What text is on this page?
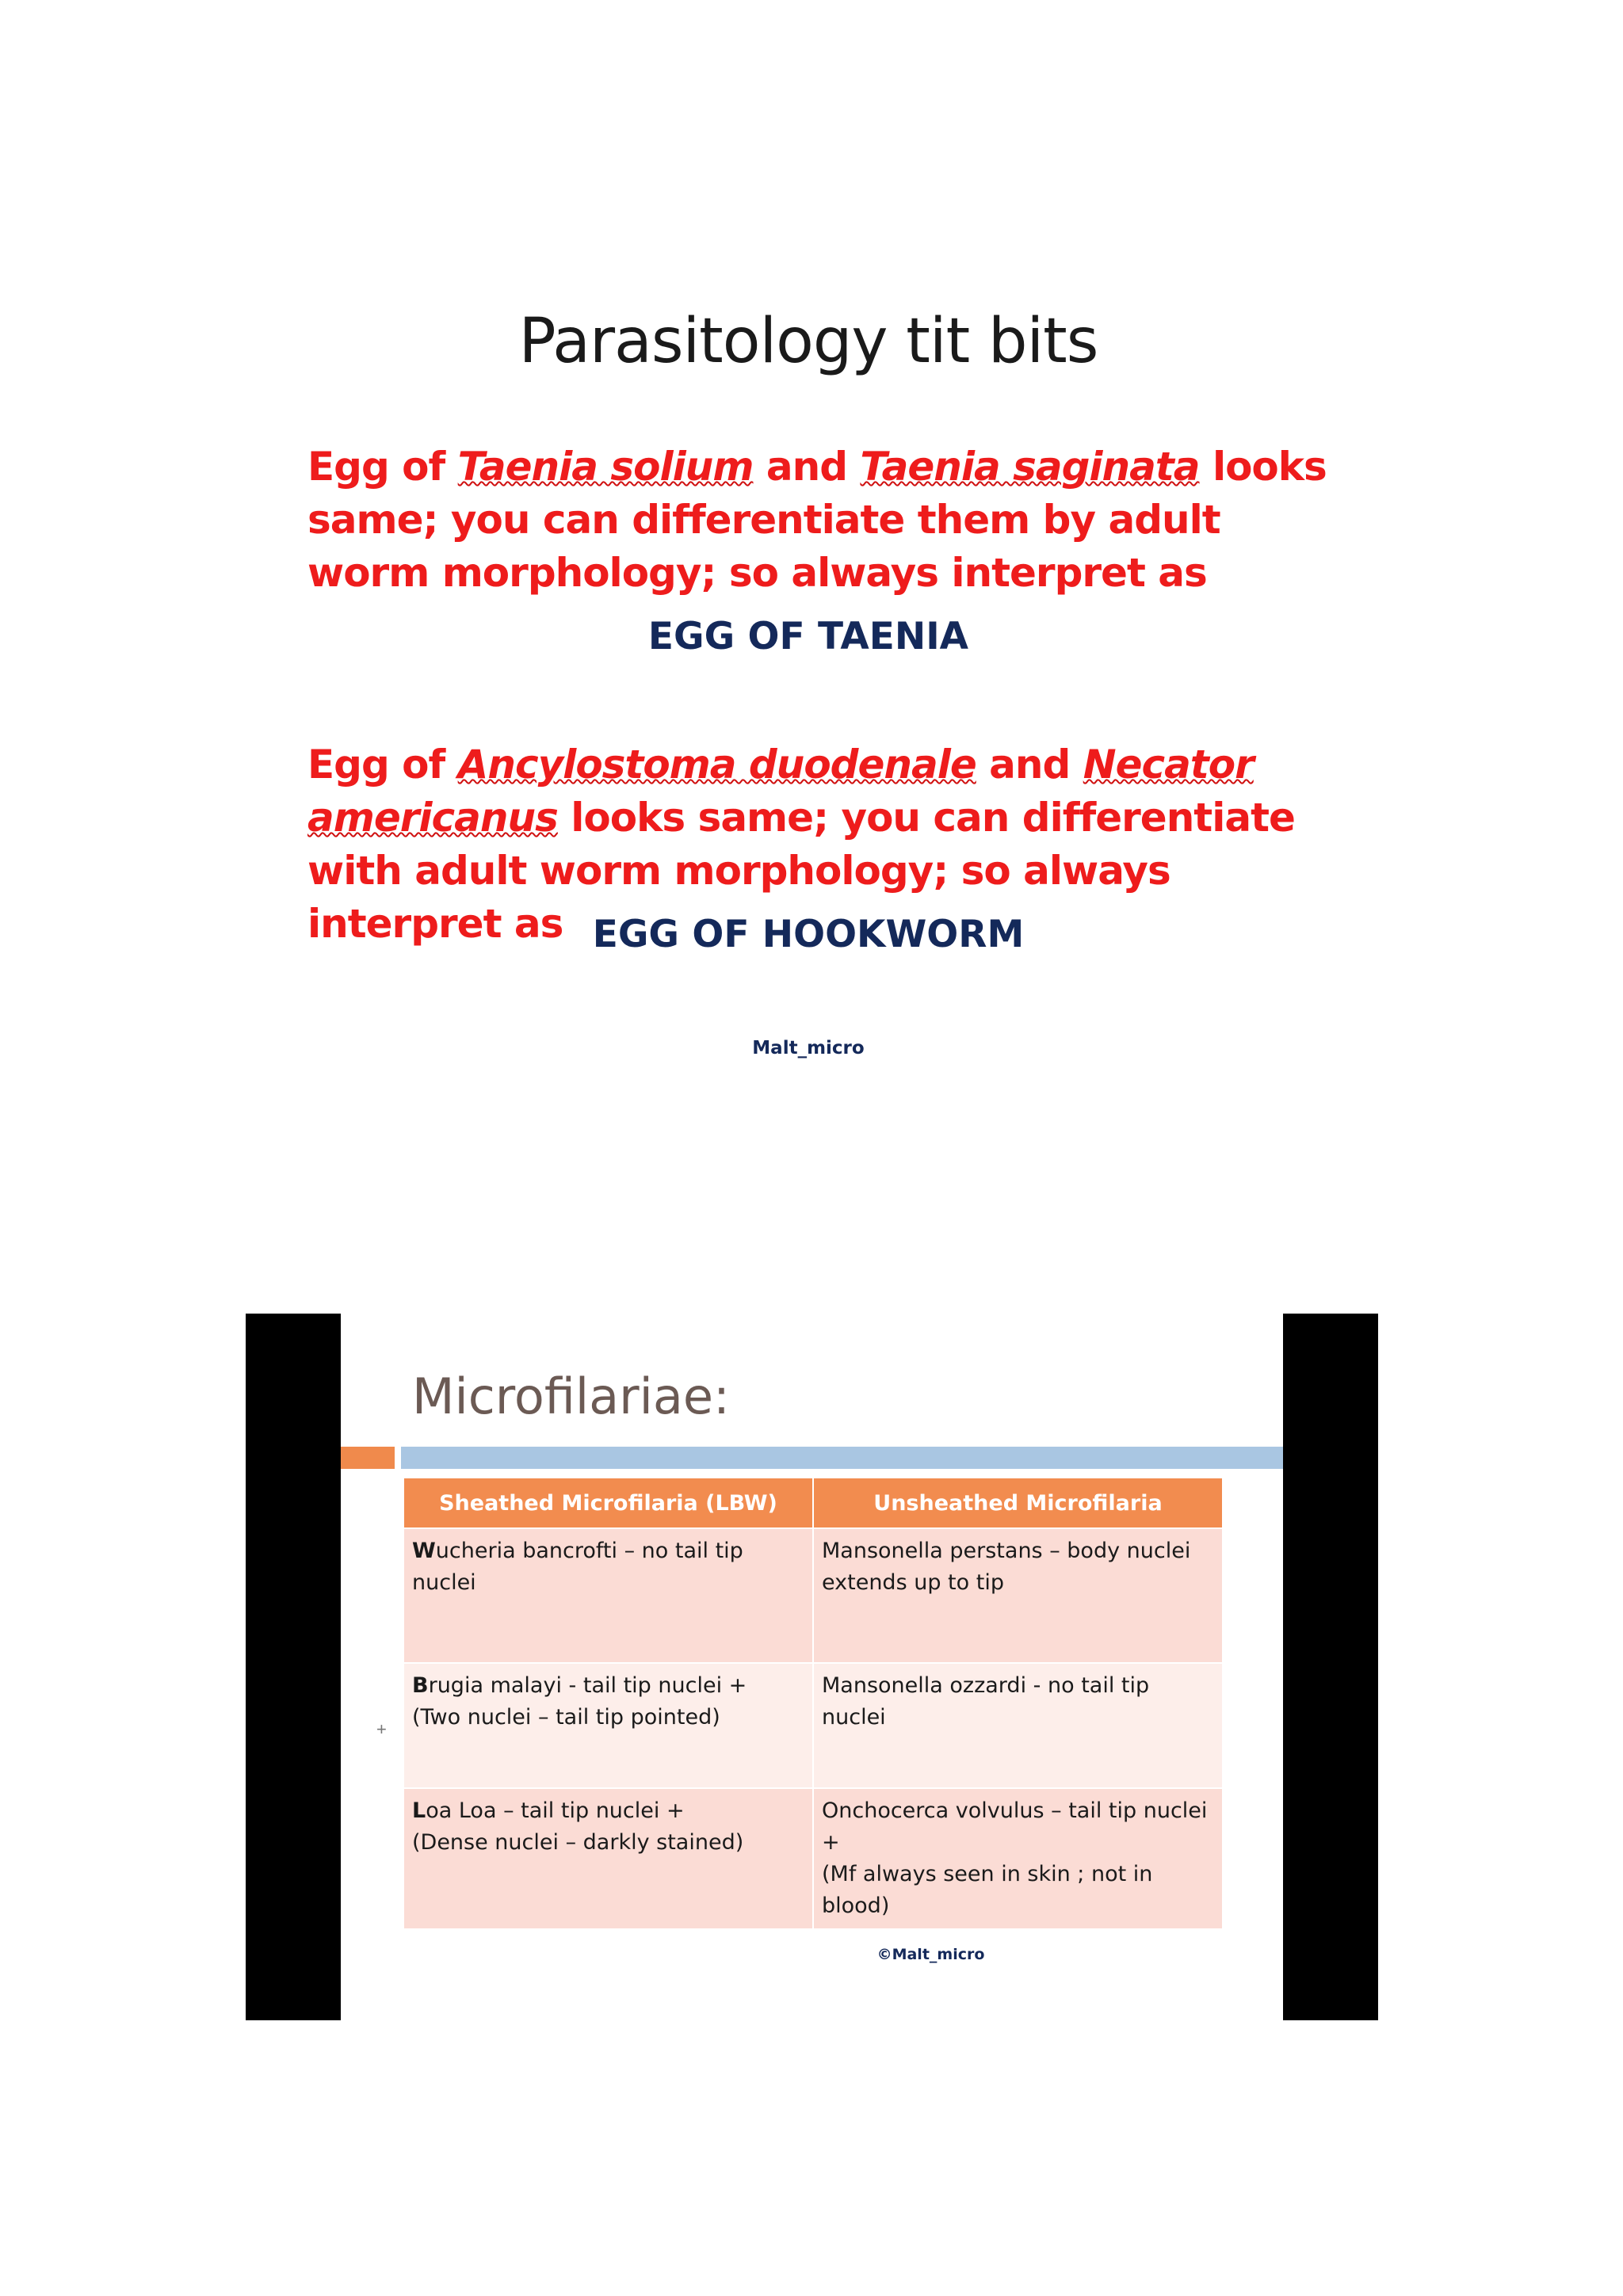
Parasitology tit bits
Egg of Taenia solium and Taenia saginata looks same; you can differentiate them by adult worm morphology; so always interpret as
EGG OF TAENIA
Egg of Ancylostoma duodenale and Necator americanus looks same; you can differentiate with adult worm morphology; so always interpret as EGG OF HOOKWORM
Malt_micro
Microfilariae:
+
Sheathed Microfilaria (LBW)	Unsheathed Microfilaria
Wucheria bancrofti – no tail tip nuclei	Mansonella perstans – body nuclei extends up to tip
Brugia malayi - tail tip nuclei +
(Two nuclei – tail tip pointed)	Mansonella ozzardi - no tail tip nuclei
Loa Loa – tail tip nuclei +
(Dense nuclei – darkly stained)	Onchocerca volvulus – tail tip nuclei +
(Mf always seen in skin ; not in blood)
©Malt_micro
